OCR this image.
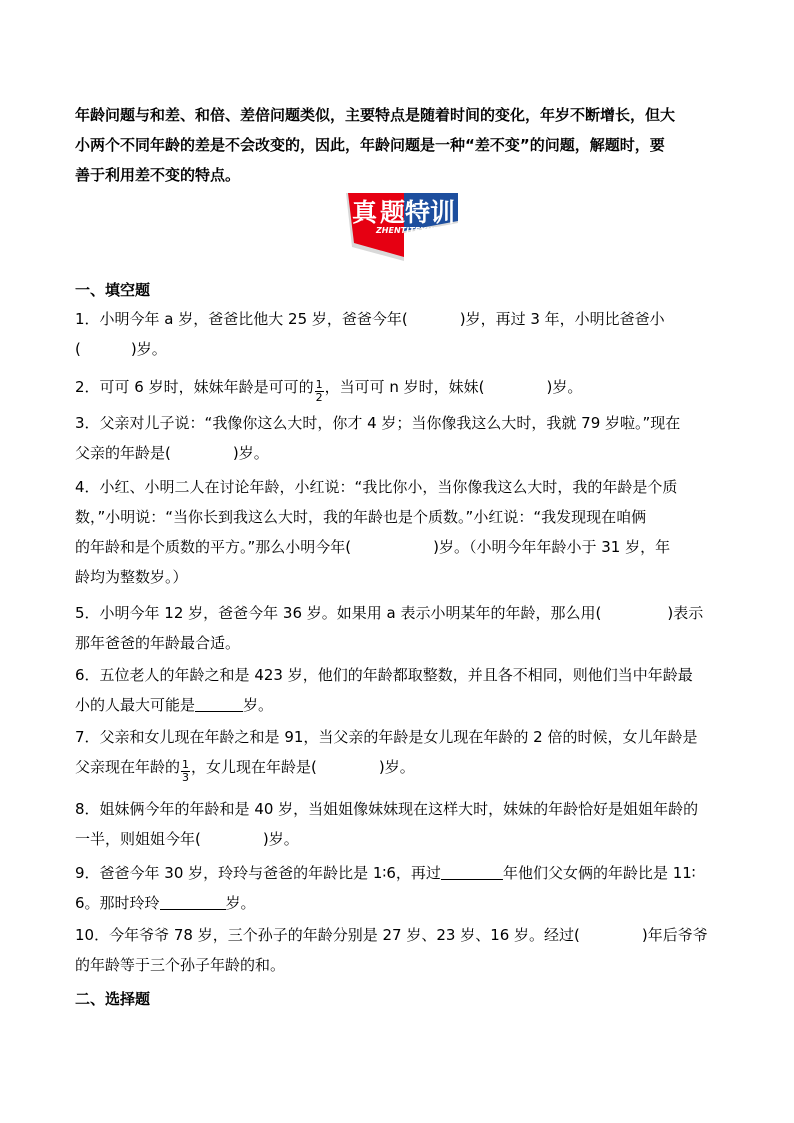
年龄问题与和差、和倍、差倍问题类似，主要特点是随着时间的变化，年岁不断增长，但大
小两个不同年龄的差是不会改变的，因此，年龄问题是一种“差不变”的问题，解题时，要
善于利用差不变的特点。
真 题特训
ZHENTITEXUN
一、填空题
1．小明今年 a 岁，爸爸比他大 25 岁，爸爸今年(	)岁，再过 3 年，小明比爸爸小
(	)岁。
2．可可 6 岁时，妹妹年龄是可可的 $\frac{1}{2}$ ，当可可 n 岁时，妹妹(	)岁。
3．父亲对儿子说：“我像你这么大时，你才 4 岁；当你像我这么大时，我就 79 岁啦。”现在
父亲的年龄是(	)岁。
4．小红、小明二人在讨论年龄，小红说：“我比你小，当你像我这么大时，我的年龄是个质
数，”小明说：“当你长到我这么大时，我的年龄也是个质数。”小红说：“我发现现在咱俩
的年龄和是个质数的平方。”那么小明今年(	)岁。（小明今年年龄小于 31 岁，年
龄均为整数岁。）
5．小明今年 12 岁，爸爸今年 36 岁。如果用 a 表示小明某年的年龄，那么用(	)表示
那年爸爸的年龄最合适。
6．五位老人的年龄之和是 423 岁，他们的年龄都取整数，并且各不相同，则他们当中年龄最
小的人最大可能是	岁。
7．父亲和女儿现在年龄之和是 91，当父亲的年龄是女儿现在年龄的 2 倍的时候，女儿年龄是
父亲现在年龄的 $\frac{1}{3}$ ，女儿现在年龄是(	)岁。
8．姐妹俩今年的年龄和是 40 岁，当姐姐像妹妹现在这样大时，妹妹的年龄恰好是姐姐年龄的
一半，则姐姐今年(	)岁。
9．爸爸今年 30 岁，玲玲与爸爸的年龄比是 1∶6，再过	年他们父女俩的年龄比是 11∶
6。那时玲玲	岁。
10．今年爷爷 78 岁，三个孙子的年龄分别是 27 岁、23 岁、16 岁。经过(	)年后爷爷
的年龄等于三个孙子年龄的和。
二、选择题
